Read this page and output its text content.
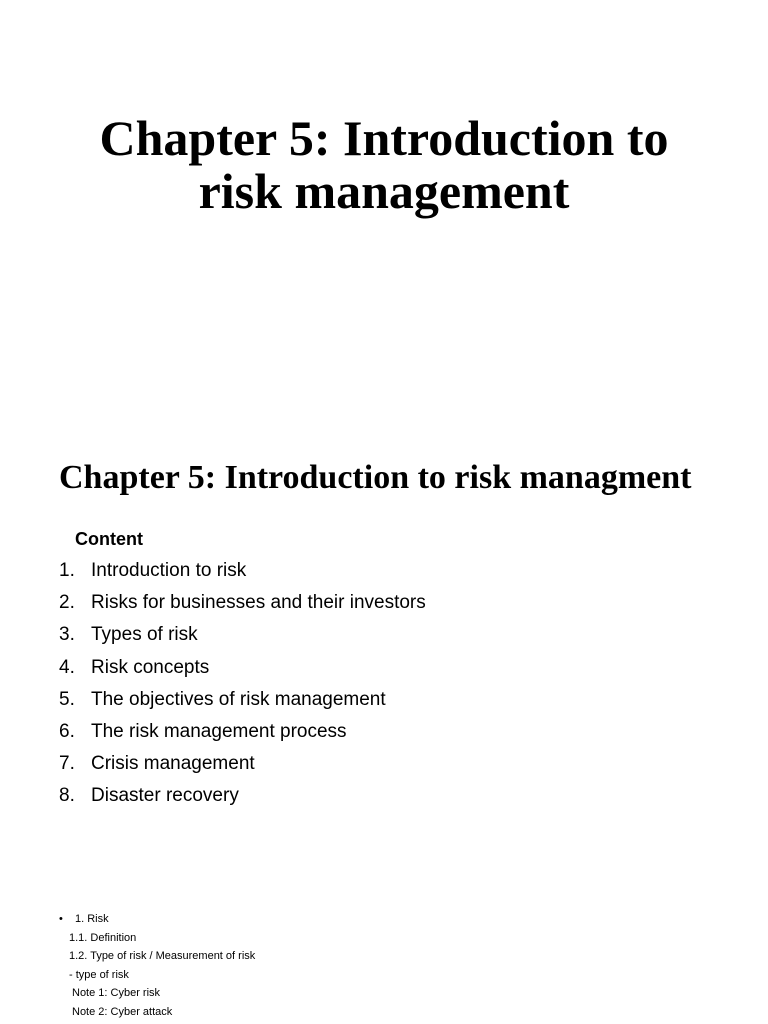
Chapter 5: Introduction to
risk management
Chapter 5: Introduction to risk managment
Content
1. Introduction to risk
2. Risks for businesses and their investors
3. Types of risk
4. Risk concepts
5. The objectives of risk management
6. The risk management process
7. Crisis management
8. Disaster recovery
• 1. Risk
1.1. Definition
1.2. Type of risk / Measurement of risk
- type of risk
Note 1: Cyber risk
Note 2: Cyber attack
